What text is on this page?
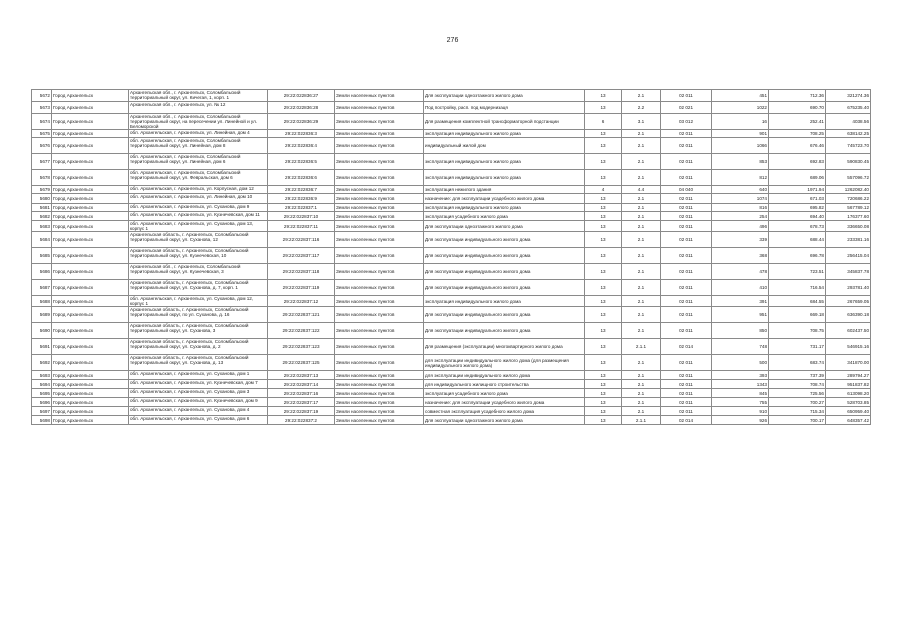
276
5672	Город Архангельск	Архангельская обл., г. Архангельск, Соломбальский территориальный округ, ул. Кичегая, 1, корп. 1	29:22:022836:27	Земли населенных пунктов	Для эксплуатации одноэтажного жилого дома	13	2.1	02 011	451	712.36	321274.36
5673	Город Архангельск	Архангельская обл., г. Архангельск, ул. № 12	29:22:022836:28	Земли населенных пунктов	Под постройку, расп. под модернизаця	13	2.2	02 021	1022	690.70	675235.40
5674	Город Архангельск	Архангельская обл., г. Архангельск, Соломбальский территориальный округ, на пересечении ул. Линейной и ул. Беломорской	29:22:022836:29	Земли населенных пунктов	Для размещения комплектной трансформаторной подстанции	6	3.1	03 012	16	252.41	4038.56
5675	Город Архангельск	обл. Архангельская, г. Архангельск, ул. Линейная, дом 4	29:22:022836:3	Земли населенных пунктов	эксплуатация индивидуального жилого дома	13	2.1	02 011	901	708.25	638142.25
5676	Город Архангельск	обл. Архангельская, г. Архангельск, Соломбальский территориальный округ, ул. Линейная, дом 8	29:22:022836:4	Земли населенных пунктов	индивидуальный жилой дом	13	2.1	02 011	1066	676.46	745723.70
5677	Город Архангельск	обл. Архангельская, г. Архангельск, Соломбальский территориальный округ, ул. Линейная, дом 6	29:22:022836:5	Земли населенных пунктов	эксплуатация индивидуального жилого дома	13	2.1	02 011	853	692.83	590830.45
5678	Город Архангельск	обл. Архангельская, г. Архангельск, Соломбальский территориальный округ, ул. Февральская, дом 6	29:22:022836:6	Земли населенных пунктов	эксплуатация индивидуального жилого дома	13	2.1	02 011	812	689.06	557096.72
5679	Город Архангельск	обл. Архангельская, г. Архангельск, ул. Корпусная, дом 12	29:22:022836:7	Земли населенных пунктов	эксплуатация нежилого здания	4	4.4	04 040	640	1971.94	1262082.40
5680	Город Архангельск	обл. Архангельская, г. Архангельск, ул. Линейная, дом 10	29:22:022836:9	Земли населенных пунктов	назначение: для эксплуатации усадебного жилого дома	13	2.1	02 011	1074	671.03	720686.22
5681	Город Архангельск	обл. Архангельская, г. Архангельск, ул. Суханова, дом 9	29:22:022837:1	Земли населенных пунктов	эксплуатация индивидуального жилого дома	13	2.1	02 011	816	695.82	567789.12
5682	Город Архангельск	обл. Архангельская, г. Архангельск, ул. Кузнечевская, дом 11	29:22:022837:10	Земли населенных пунктов	эксплуатация усадебного жилого дома	13	2.1	02 011	254	694.40	176377.60
5683	Город Архангельск	обл. Архангельская, г. Архангельск, ул. Суханова, дом 13, корпус 1	29:22:022837:11	Земли населенных пунктов	Для эксплуатации одноэтажного жилого дома	13	2.1	02 011	496	678.73	336650.08
5684	Город Архангельск	Архангельская область, г. Архангельск, Соломбальский территориальный округ, ул. Суханова, 12	29:22:022837:116	Земли населенных пунктов	Для эксплуатации индивидуального жилого дома	13	2.1	02 011	339	688.44	233381.16
5685	Город Архангельск	Архангельская область, г. Архангельск, Соломбальский территориальный округ, ул. Кузнечевская, 10	29:22:022837:117	Земли населенных пунктов	Для эксплуатации индивидуального жилого дома	13	2.1	02 011	368	696.78	256415.04
5686	Город Архангельск	Архангельская обл., г. Архангельск, Соломбальский территориальный округ, ул. Кузнечевская, 3	29:22:022837:118	Земли населенных пунктов	Для эксплуатации индивидуального жилого дома	13	2.1	02 011	478	723.51	345837.78
5687	Город Архангельск	Архангельская область, г. Архангельск, Соломбальский территориальный округ, ул. Суханова, д. 7, корп. 1	29:22:022837:119	Земли населенных пунктов	Для эксплуатации индивидуального жилого дома	13	2.1	02 011	410	716.54	293781.40
5688	Город Архангельск	обл. Архангельская, г. Архангельск, ул. Суханова, дом 12, корпус 1	29:22:022837:12	Земли населенных пунктов	эксплуатация индивидуального жилого дома	13	2.1	02 011	391	684.55	267659.05
5689	Город Архангельск	Архангельская область, г. Архангельск, Соломбальский территориальный округ, по ул. Суханова, д. 16	29:22:022837:121	Земли населенных пунктов	Для эксплуатации индивидуального жилого дома	13	2.1	02 011	951	669.18	636390.18
5690	Город Архангельск	Архангельская область, г. Архангельск, Соломбальский территориальный округ, ул. Суханова, 3	29:22:022837:122	Земли населенных пунктов	Для эксплуатации индивидуального жилого дома	13	2.1	02 011	850	708.75	602437.50
5691	Город Архангельск	Архангельская область, г. Архангельск, Соломбальский территориальный округ, ул. Суханова, д. 2	29:22:022837:123	Земли населенных пунктов	Для размещения (эксплуатации) многоквартирного жилого дома	13	2.1.1	02 014	748	731.17	546915.16
5692	Город Архангельск	Архангельская область, г. Архангельск, Соломбальский территориальный округ, ул. Суханова, д. 13	29:22:022837:125	Земли населенных пунктов	для эксплуатации индивидуального жилого дома (для размещения индивидуального жилого дома)	13	2.1	02 011	500	683.74	341870.00
5693	Город Архангельск	обл. Архангельская, г. Архангельск, ул. Суханова, дом 1	29:22:022837:13	Земли населенных пунктов	для эксплуатации индивидуального жилого дома	13	2.1	02 011	393	737.39	289794.27
5694	Город Архангельск	обл. Архангельская, г. Архангельск, ул. Кузнечевская, дом 7	29:22:022837:14	Земли населенных пунктов	для индивидуального жилищного строительства	13	2.1	02 011	1343	708.74	951837.82
5695	Город Архангельск	обл. Архангельская, г. Архангельск, ул. Суханова, дом 3	29:22:022837:16	Земли населенных пунктов	эксплуатация усадебного жилого дома	13	2.1	02 011	845	725.56	613098.20
5696	Город Архангельск	обл. Архангельская, г. Архангельск, ул. Кузнечевская, дом 9	29:22:022837:17	Земли населенных пунктов	назначение: для эксплуатации усадебного жилого дома	13	2.1	02 011	755	700.27	528703.85
5697	Город Архангельск	обл. Архангельская, г. Архангельск, ул. Суханова, дом 4	29:22:022837:19	Земли населенных пунктов	совместная эксплуатация усадебного жилого дома	13	2.1	02 011	910	715.34	650959.40
5698	Город Архангельск	обл. Архангельская, г. Архангельск, ул. Суханова, дом 6	29:22:022837:2	Земли населенных пунктов	Для эксплуатации одноэтажного жилого дома	13	2.1.1	02 014	926	700.17	648357.42
